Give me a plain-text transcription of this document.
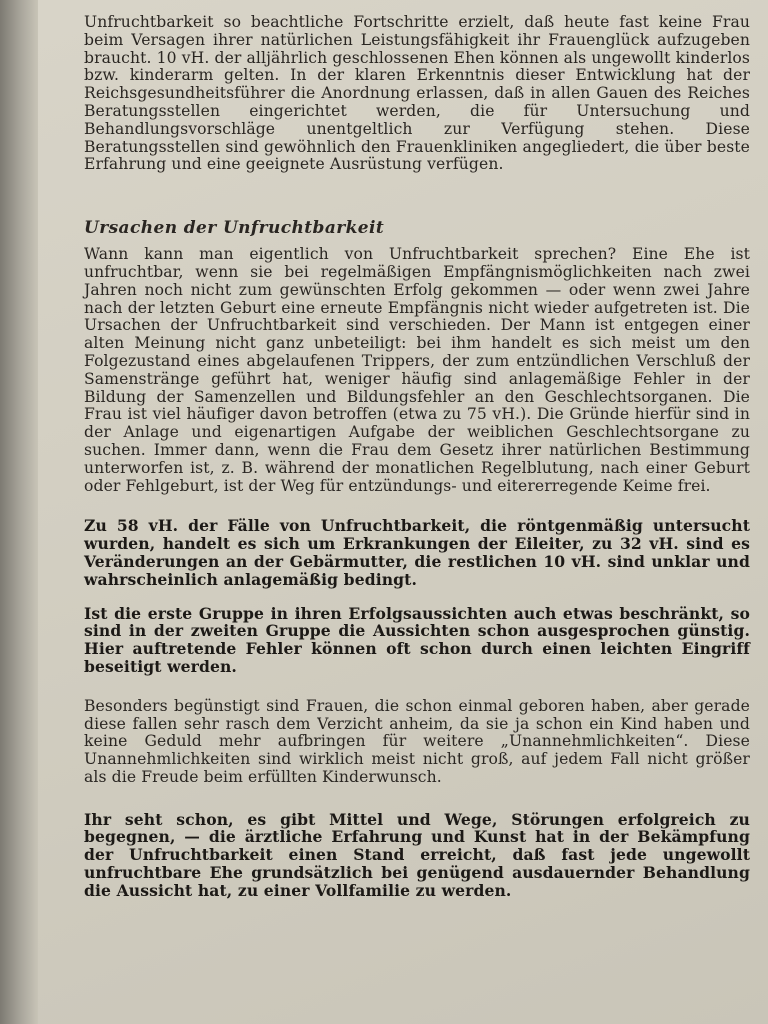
Unfruchtbarkeit so beachtliche Fortschritte erzielt, daß heute fast keine Frau beim Versagen ihrer natürlichen Leistungsfähigkeit ihr Frauenglück aufzugeben braucht. 10 vH. der alljährlich geschlossenen Ehen können als ungewollt kinderlos bzw. kinderarm gelten. In der klaren Erkenntnis dieser Entwicklung hat der Reichsgesundheitsführer die Anordnung erlassen, daß in allen Gauen des Reiches Beratungsstellen eingerichtet werden, die für Untersuchung und Behandlungsvorschläge unentgeltlich zur Verfügung stehen. Diese Beratungsstellen sind gewöhnlich den Frauenkliniken angegliedert, die über beste Erfahrung und eine geeignete Ausrüstung verfügen.

Ursachen der Unfruchtbarkeit

Wann kann man eigentlich von Unfruchtbarkeit sprechen? Eine Ehe ist unfruchtbar, wenn sie bei regelmäßigen Empfängnismöglichkeiten nach zwei Jahren noch nicht zum gewünschten Erfolg gekommen — oder wenn zwei Jahre nach der letzten Geburt eine erneute Empfängnis nicht wieder aufgetreten ist. Die Ursachen der Unfruchtbarkeit sind verschieden. Der Mann ist entgegen einer alten Meinung nicht ganz unbeteiligt: bei ihm handelt es sich meist um den Folgezustand eines abgelaufenen Trippers, der zum entzündlichen Verschluß der Samenstränge geführt hat, weniger häufig sind anlagemäßige Fehler in der Bildung der Samenzellen und Bildungsfehler an den Geschlechtsorganen. Die Frau ist viel häufiger davon betroffen (etwa zu 75 vH.). Die Gründe hierfür sind in der Anlage und eigenartigen Aufgabe der weiblichen Geschlechtsorgane zu suchen. Immer dann, wenn die Frau dem Gesetz ihrer natürlichen Bestimmung unterworfen ist, z. B. während der monatlichen Regelblutung, nach einer Geburt oder Fehlgeburt, ist der Weg für entzündungs- und eitererregende Keime frei.

Zu 58 vH. der Fälle von Unfruchtbarkeit, die röntgenmäßig untersucht wurden, handelt es sich um Erkrankungen der Eileiter, zu 32 vH. sind es Veränderungen an der Gebärmutter, die restlichen 10 vH. sind unklar und wahrscheinlich anlagemäßig bedingt.

Ist die erste Gruppe in ihren Erfolgsaussichten auch etwas beschränkt, so sind in der zweiten Gruppe die Aussichten schon ausgesprochen günstig. Hier auftretende Fehler können oft schon durch einen leichten Eingriff beseitigt werden.

Besonders begünstigt sind Frauen, die schon einmal geboren haben, aber gerade diese fallen sehr rasch dem Verzicht anheim, da sie ja schon ein Kind haben und keine Geduld mehr aufbringen für weitere „Unannehmlichkeiten“. Diese Unannehmlichkeiten sind wirklich meist nicht groß, auf jedem Fall nicht größer als die Freude beim erfüllten Kinderwunsch.

Ihr seht schon, es gibt Mittel und Wege, Störungen erfolgreich zu begegnen, — die ärztliche Erfahrung und Kunst hat in der Bekämpfung der Unfruchtbarkeit einen Stand erreicht, daß fast jede ungewollt unfruchtbare Ehe grundsätzlich bei genügend ausdauernder Behandlung die Aussicht hat, zu einer Vollfamilie zu werden.
